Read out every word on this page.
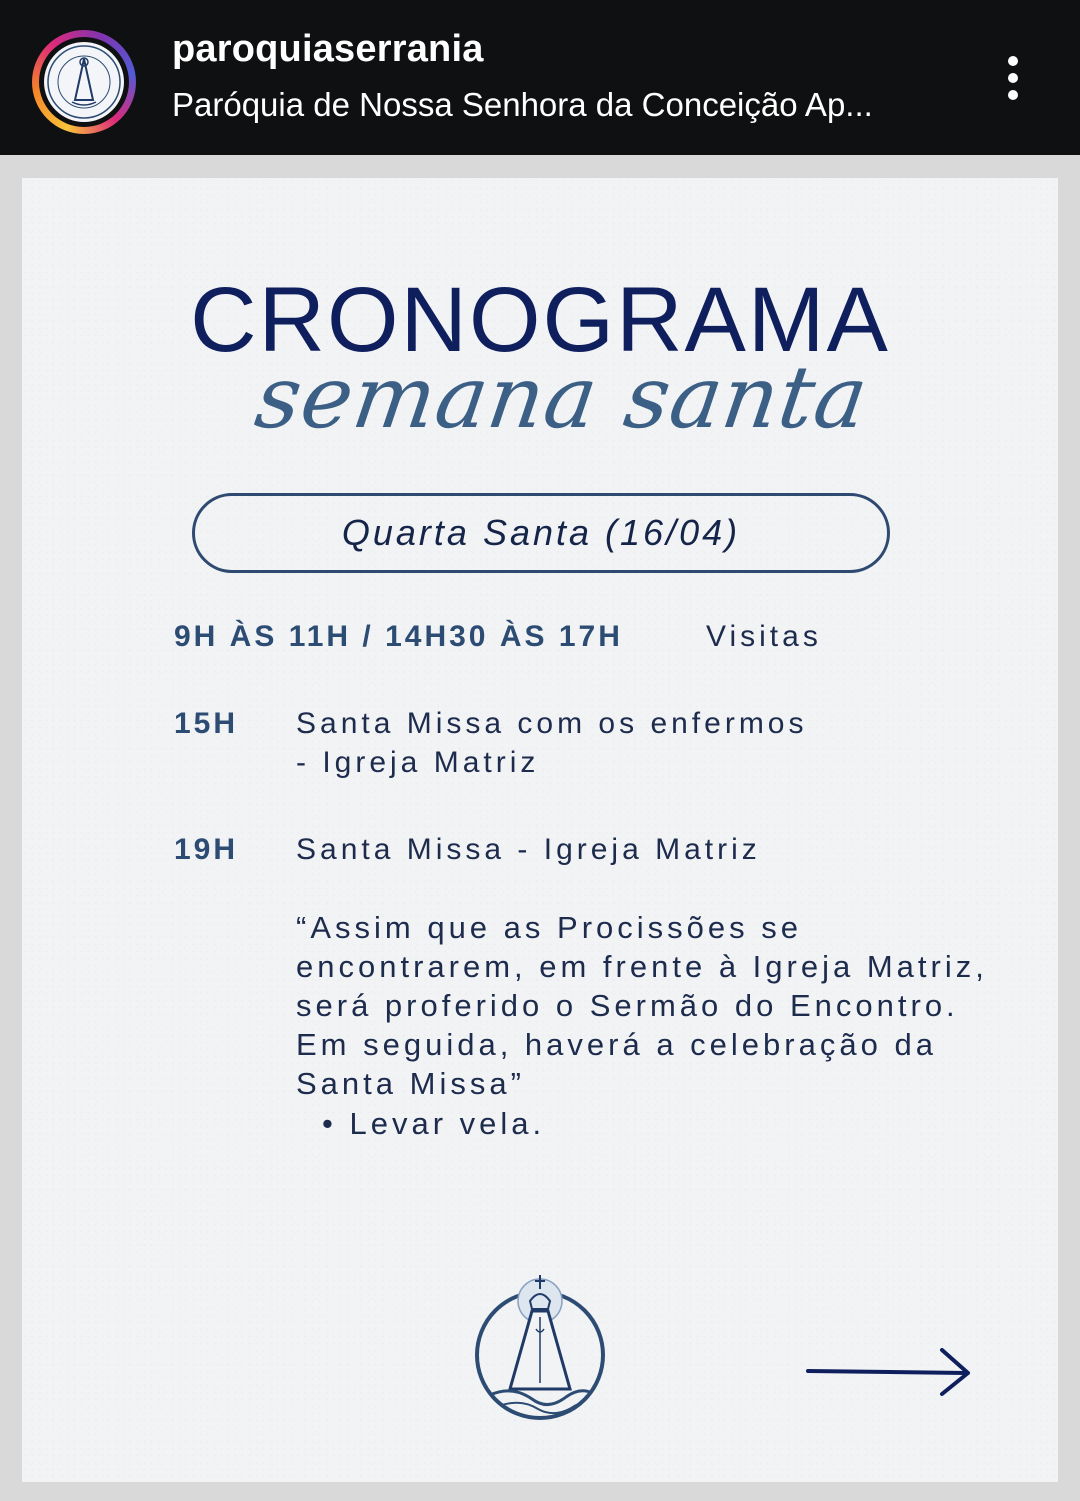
paroquiaserrania
Paróquia de Nossa Senhora da Conceição Ap...
CRONOGRAMA
semana santa
Quarta Santa (16/04)
9H ÀS 11H / 14H30 ÀS 17H	Visitas
15H Santa Missa com os enfermos
- Igreja Matriz
19H Santa Missa - Igreja Matriz
“Assim que as Procissões se encontrarem, em frente à Igreja Matriz, será proferido o Sermão do Encontro. Em seguida, haverá a celebração da Santa Missa”
• Levar vela.
